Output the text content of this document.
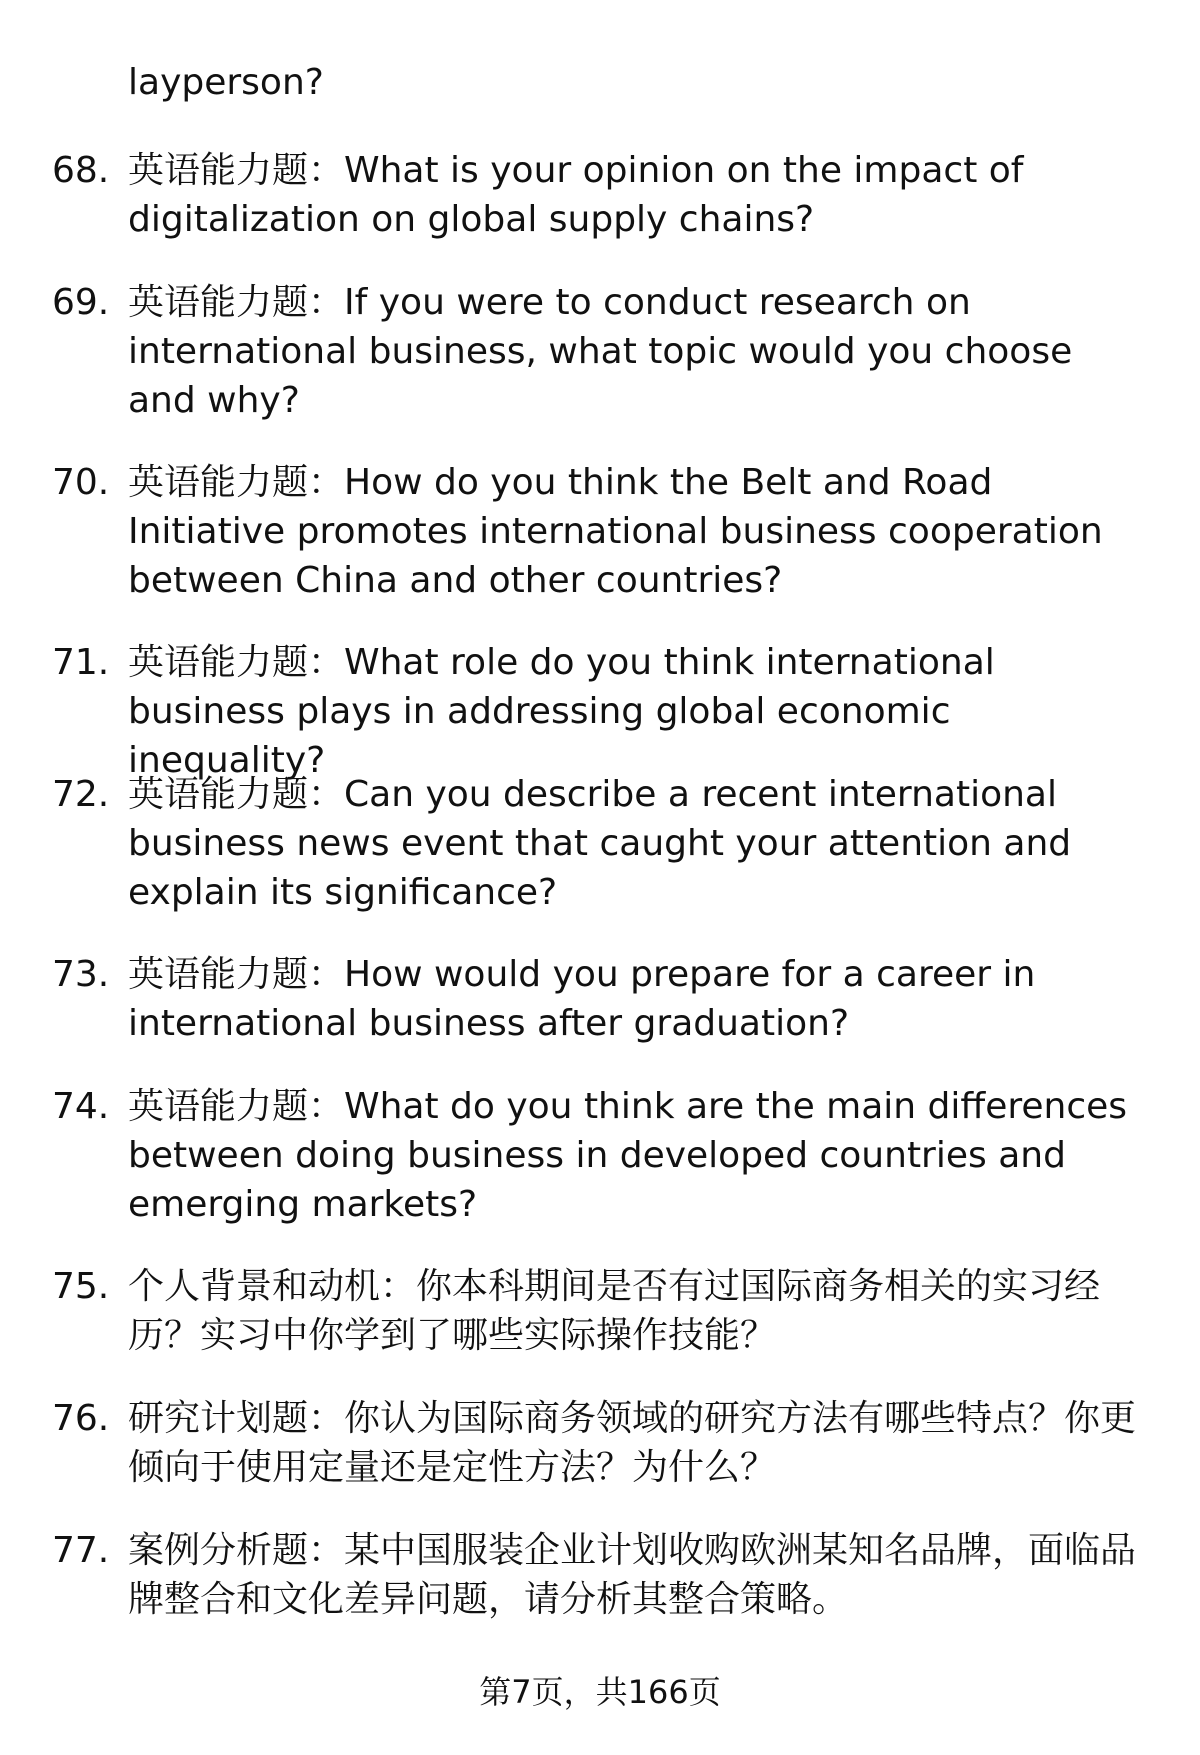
layperson?
68. 英语能力题：What is your opinion on the impact of digitalization on global supply chains?
69. 英语能力题：If you were to conduct research on international business, what topic would you choose and why?
70. 英语能力题：How do you think the Belt and Road Initiative promotes international business cooperation between China and other countries?
71. 英语能力题：What role do you think international business plays in addressing global economic inequality?
72. 英语能力题：Can you describe a recent international business news event that caught your attention and explain its significance?
73. 英语能力题：How would you prepare for a career in international business after graduation?
74. 英语能力题：What do you think are the main differences between doing business in developed countries and emerging markets?
75. 个人背景和动机：你本科期间是否有过国际商务相关的实习经历？实习中你学到了哪些实际操作技能？
76. 研究计划题：你认为国际商务领域的研究方法有哪些特点？你更倾向于使用定量还是定性方法？为什么？
77. 案例分析题：某中国服装企业计划收购欧洲某知名品牌，面临品牌整合和文化差异问题，请分析其整合策略。
第7页，共166页
